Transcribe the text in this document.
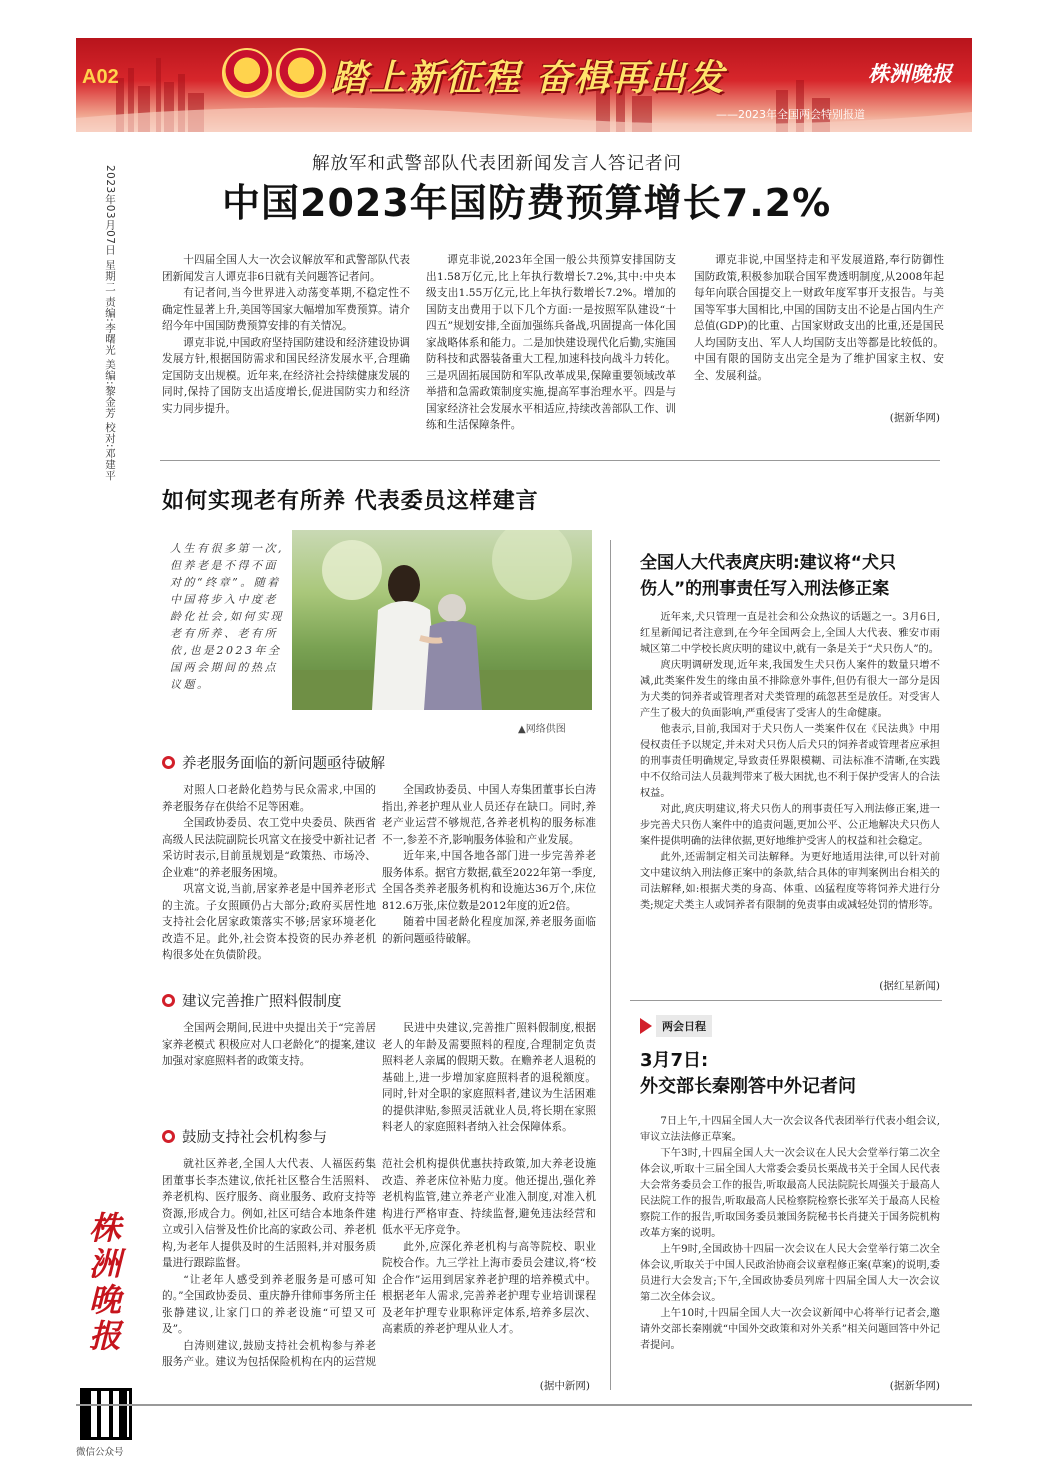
A02	踏上新征程 奋楫再出发	株洲晚报
——2023年全国两会特别报道
2023年03月07日 星期二 责编:李曙光 美编:黎金芳 校对:邓建平
解放军和武警部队代表团新闻发言人答记者问
中国2023年国防费预算增长7.2%

十四届全国人大一次会议解放军和武警部队代表团新闻发言人谭克非6日就有关问题答记者问。

有记者问,当今世界进入动荡变革期,不稳定性不确定性显著上升,美国等国家大幅增加军费预算。请介绍今年中国国防费预算安排的有关情况。

谭克非说,中国政府坚持国防建设和经济建设协调发展方针,根据国防需求和国民经济发展水平,合理确定国防支出规模。近年来,在经济社会持续健康发展的同时,保持了国防支出适度增长,促进国防实力和经济实力同步提升。

谭克非说,2023年全国一般公共预算安排国防支出1.58万亿元,比上年执行数增长7.2%,其中:中央本级支出1.55万亿元,比上年执行数增长7.2%。增加的国防支出费用于以下几个方面:一是按照军队建设“十四五”规划安排,全面加强练兵备战,巩固提高一体化国家战略体系和能力。二是加快建设现代化后勤,实施国防科技和武器装备重大工程,加速科技向战斗力转化。三是巩固拓展国防和军队改革成果,保障重要领域改革举措和急需政策制度实施,提高军事治理水平。四是与国家经济社会发展水平相适应,持续改善部队工作、训练和生活保障条件。

谭克非说,中国坚持走和平发展道路,奉行防御性国防政策,积极参加联合国军费透明制度,从2008年起每年向联合国提交上一财政年度军事开支报告。与美国等军事大国相比,中国的国防支出不论是占国内生产总值(GDP)的比重、占国家财政支出的比重,还是国民人均国防支出、军人人均国防支出等都是比较低的。中国有限的国防支出完全是为了维护国家主权、安全、发展利益。

(据新华网)
如何实现老有所养 代表委员这样建言
人生有很多第一次,但养老是不得不面对的“终章”。随着中国将步入中度老龄化社会,如何实现老有所养、老有所依,也是2023年全国两会期间的热点议题。
▲网络供图
养老服务面临的新问题亟待破解

对照人口老龄化趋势与民众需求,中国的养老服务存在供给不足等困难。

全国政协委员、农工党中央委员、陕西省高级人民法院副院长巩富文在接受中新社记者采访时表示,目前虽规划是“政策热、市场冷、企业难”的养老服务困境。

巩富文说,当前,居家养老是中国养老形式的主流。子女照顾仍占大部分;政府买居性地支持社会化居家政策落实不够;居家环境老化改造不足。此外,社会资本投资的民办养老机构很多处在负债阶段。

全国政协委员、中国人寿集团董事长白涛指出,养老护理从业人员还存在缺口。同时,养老产业运营不够规范,各养老机构的服务标准不一,参差不齐,影响服务体验和产业发展。

近年来,中国各地各部门进一步完善养老服务体系。据官方数据,截至2022年第一季度,全国各类养老服务机构和设施达36万个,床位812.6万张,床位数是2012年度的近2倍。

随着中国老龄化程度加深,养老服务面临的新问题亟待破解。

建议完善推广照料假制度

全国两会期间,民进中央提出关于“完善居家养老模式 积极应对人口老龄化”的提案,建议加强对家庭照料者的政策支持。

民进中央建议,完善推广照料假制度,根据老人的年龄及需要照料的程度,合理制定负责照料老人亲属的假期天数。在赡养老人退税的基础上,进一步增加家庭照料者的退税额度。同时,针对全职的家庭照料者,建议为生活困难的提供津贴,参照灵活就业人员,将长期在家照料老人的家庭照料者纳入社会保障体系。

鼓励支持社会机构参与

就社区养老,全国人大代表、人福医药集团董事长李杰建议,依托社区整合生活照料、养老机构、医疗服务、商业服务、政府支持等资源,形成合力。例如,社区可结合本地条件建立或引入信誉及性价比高的家政公司、养老机构,为老年人提供及时的生活照料,并对服务质量进行跟踪监督。

“让老年人感受到养老服务是可感可知的。”全国政协委员、重庆静升律师事务所主任张静建议,让家门口的养老设施“可望又可及”。

白涛则建议,鼓励支持社会机构参与养老服务产业。建议为包括保险机构在内的运营规范社会机构提供优惠扶持政策,加大养老设施改造、养老床位补贴力度。他还提出,强化养老机构监管,建立养老产业准入制度,对准入机构进行严格审查、持续监督,避免违法经营和低水平无序竞争。

此外,应深化养老机构与高等院校、职业院校合作。九三学社上海市委员会建议,将“校企合作”运用到居家养老护理的培养模式中。根据老年人需求,完善养老护理专业培训课程及老年护理专业职称评定体系,培养多层次、高素质的养老护理从业人才。

(据中新网)
全国人大代表庹庆明:建议将“犬只
伤人”的刑事责任写入刑法修正案

近年来,犬只管理一直是社会和公众热议的话题之一。3月6日,红星新闻记者注意到,在今年全国两会上,全国人大代表、雅安市雨城区第二中学校长庹庆明的建议中,就有一条是关于“犬只伤人”的。

庹庆明调研发现,近年来,我国发生犬只伤人案件的数量只增不减,此类案件发生的缘由虽不排除意外事件,但仍有很大一部分是因为犬类的饲养者或管理者对犬类管理的疏忽甚至是放任。对受害人产生了极大的负面影响,严重侵害了受害人的生命健康。

他表示,目前,我国对于犬只伤人一类案件仅在《民法典》中用侵权责任予以规定,并未对犬只伤人后犬只的饲养者或管理者应承担的刑事责任明确规定,导致责任界限模糊、司法标准不清晰,在实践中不仅给司法人员裁判带来了极大困扰,也不利于保护受害人的合法权益。

对此,庹庆明建议,将犬只伤人的刑事责任写入刑法修正案,进一步完善犬只伤人案件中的追责问题,更加公平、公正地解决犬只伤人案件提供明确的法律依据,更好地维护受害人的权益和社会稳定。

此外,还需制定相关司法解释。为更好地适用法律,可以针对前文中建议纳入刑法修正案中的条款,结合具体的审判案例出台相关的司法解释,如:根据犬类的身高、体重、凶猛程度等将饲养犬进行分类;规定犬类主人或饲养者有限制的免责事由或减轻处罚的情形等。

(据红星新闻)
两会日程
3月7日:
外交部长秦刚答中外记者问

7日上午,十四届全国人大一次会议各代表团举行代表小组会议,审议立法法修正草案。

下午3时,十四届全国人大一次会议在人民大会堂举行第二次全体会议,听取十三届全国人大常委会委员长栗战书关于全国人民代表大会常务委员会工作的报告,听取最高人民法院院长周强关于最高人民法院工作的报告,听取最高人民检察院检察长张军关于最高人民检察院工作的报告,听取国务委员兼国务院秘书长肖捷关于国务院机构改革方案的说明。

上午9时,全国政协十四届一次会议在人民大会堂举行第二次全体会议,听取关于中国人民政治协商会议章程修正案(草案)的说明,委员进行大会发言;下午,全国政协委员列席十四届全国人大一次会议第二次全体会议。

上午10时,十四届全国人大一次会议新闻中心将举行记者会,邀请外交部长秦刚就“中国外交政策和对外关系”相关问题回答中外记者提问。

(据新华网)
株洲
晚报
微信公众号
